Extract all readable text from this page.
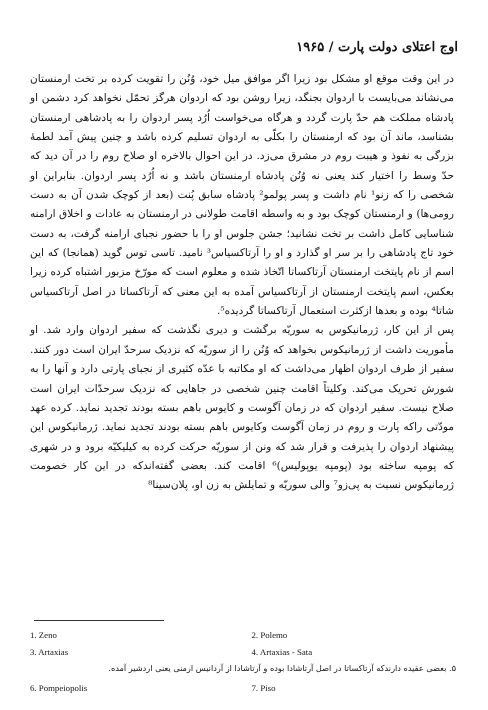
اوج اعتلای دولت پارت / ۱۹۶۵

در این وقت موقع او مشکل بود زیرا اگر موافق میل خود، وُنُن را تقویت کرده بر تخت ارمنستان می‌نشاند می‌بایست با اردوان بجنگد، زیرا روشن بود که اردوان هرگز تحمّل نخواهد کرد دشمن او پادشاه مملکت هم حدّ پارت گردد و هرگاه می‌خواست اُرُد پسر اردوان را به پادشاهی ارمنستان بشناسد، ماند آن بود که ارمنستان را بکلّی به اردوان تسلیم کرده باشد و چنین پیش آمد لطمهٔ بزرگی به نفوذ و هیبت روم در مشرق می‌زد. در این احوال بالاخره او صلاح روم را در آن دید که حدّ وسط را اختیار کند یعنی نه وُنُن پادشاه ارمنستان باشد و نه اُرُد پسر اردوان. بنابراین او شخصی را که زنو¹ نام داشت و پسر پولمو² پادشاه سابق پُنت (بعد از کوچک شدن آن به دست رومی‌ها) و ارمنستان کوچک بود و به واسطه اقامت طولانی در ارمنستان به عادات و اخلاق ارامنه شناسایی کامل داشت بر تخت نشانید؛ جشن جلوس او را با حضور نجبای ارامنه گرفت، به دست خود تاج پادشاهی را بر سر او گذارد و او را آرتاکسیاس³ نامید. تاسی توس گوید (همانجا) که این اسم از نام پایتخت ارمنستان آرتاکساتا اتّخاذ شده و معلوم است که مورّخ مزبور اشتباه کرده زیرا بعکس، اسم پایتخت ارمنستان از آرتاکسیاس آمده به این معنی که آرتاکساتا در اصل آرتاکسیاس شاتا⁴ بوده و بعدها ازکثرت استعمال آرتاکساتا گردیده⁵.

پس از این کار، ژرمانیکوس به سوریّه برگشت و دیری نگذشت که سفیر اردوان وارد شد. او مأموریت داشت از ژرمانیکوس بخواهد که وُنُن را از سوریّه که نزدیک سرحدّ ایران است دور کنند. سفیر از طرف اردوان اظهار می‌داشت که او مکاتبه با عدّه کثیری از نجبای پارتی دارد و آنها را به شورش تحریک می‌کند. وکلیتاً اقامت چنین شخصی در جاهایی که نزدیک سرحدّات ایران است صلاح نیست. سفیر اردوان که در زمان آگوست و کایوس باهم بسته بودند تجدید نماید. کرده عهد مودّتی راکه پارت و روم در زمان آگوست وکایوس باهم بسته بودند تجدید نماید. ژرمانیکوس این پیشنهاد اردوان را پذیرفت و قرار شد که ونن از سوریّه حرکت کرده به کیلیکیّه برود و در شهری که پومپه ساخته بود (پومپه یوپولیس)⁶ اقامت کند. بعضی گفته‌اندکه در این کار خصومت ژرمانیکوس نسبت به پی‌زو⁷ والی سوریّه و تمایلش به زن او، پلان‌سینا⁸

1. Zeno	2. Polemo
3. Artaxias	4. Artaxias - Sata
۵. بعضی عقیده دارندکه آرتاکساتا در اصل آرتاشادا بوده و آرتاشادا از آردانیس ارمنی یعنی اردشیر آمده.
6. Pompeiopolis	7. Piso
